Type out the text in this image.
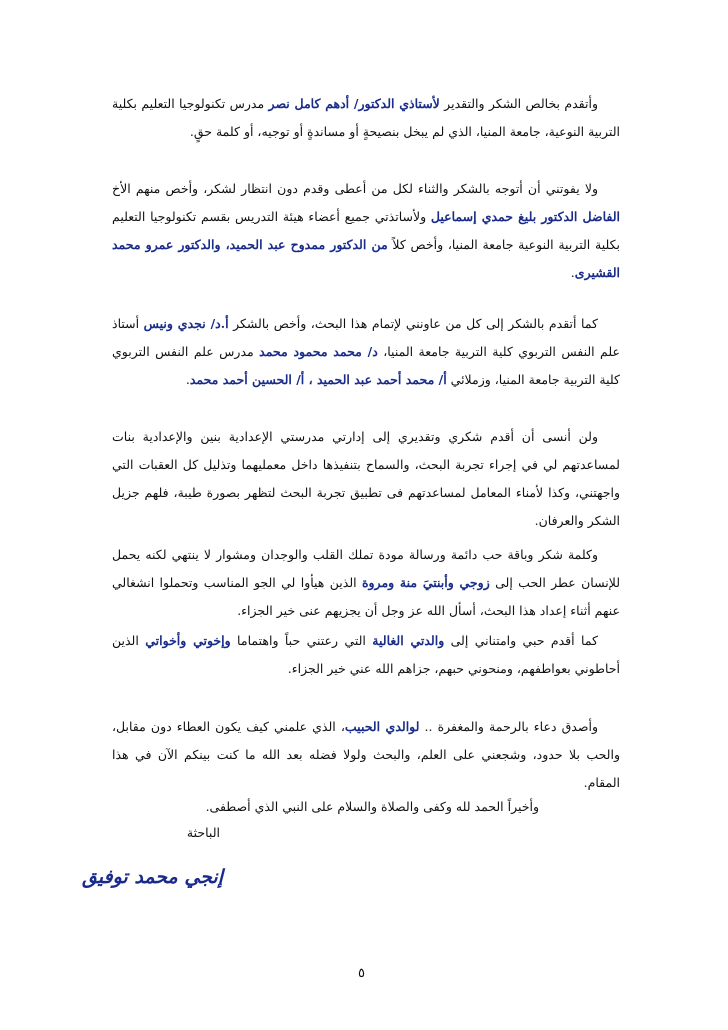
وأتقدم بخالص الشكر والتقدير لأستاذي الدكتور/ أدهم كامل نصر مدرس تكنولوجيا التعليم بكلية التربية النوعية، جامعة المنيا، الذي لم يبخل بنصيحةٍ أو مساندةٍ أو توجيه، أو كلمة حقٍ.
ولا يفوتني أن أتوجه بالشكر والثناء لكل من أعطى وقدم دون انتظار لشكر، وأخص منهم الأخ الفاضل الدكتور بليغ حمدي إسماعيل ولأساتذتي جميع أعضاء هيئة التدريس بقسم تكنولوجيا التعليم بكلية التربية النوعية جامعة المنيا، وأخص كلاً من الدكتور ممدوح عبد الحميد، والدكتور عمرو محمد القشيرى.
كما أتقدم بالشكر إلى كل من عاونني لإتمام هذا البحث، وأخص بالشكر أ.د/ نجدي ونيس أستاذ علم النفس التربوي كلية التربية جامعة المنيا، د/ محمد محمود محمد مدرس علم النفس التربوي كلية التربية جامعة المنيا، وزملائي أ/ محمد أحمد عبد الحميد ، أ/ الحسين أحمد محمد.
ولن أنسى أن أقدم شكري وتقديري إلى إدارتي مدرستي الإعدادية بنين والإعدادية بنات لمساعدتهم لي في إجراء تجربة البحث، والسماح بتنفيذها داخل معمليهما وتذليل كل العقبات التي واجهتني، وكذا لأمناء المعامل لمساعدتهم فى تطبيق تجربة البحث لتظهر بصورة طيبة، فلهم جزيل الشكر والعرفان.
وكلمة شكر وباقة حب دائمة ورسالة مودة تملك القلب والوجدان ومشوار لا ينتهي لكنه يحمل للإنسان عطر الحب إلى زوجي وأبنتيَ منة ومروة الذين هيأوا لي الجو المناسب وتحملوا انشغالي عنهم أثناء إعداد هذا البحث، أسأل الله عز وجل أن يجزيهم عنى خير الجزاء.
كما أقدم حبي وامتناني إلى والدتي الغالية التي رعتني حباً واهتماما وإخوتي وأخواتي الذين أحاطوني بعواطفهم، ومنحوني حبهم، جزاهم الله عني خير الجزاء.
وأصدق دعاء بالرحمة والمغفرة .. لوالدي الحبيب، الذي علمني كيف يكون العطاء دون مقابل، والحب بلا حدود، وشجعني على العلم، والبحث ولولا فضله بعد الله ما كنت بينكم الآن في هذا المقام.
وأخيراً الحمد لله وكفى والصلاة والسلام على النبي الذي أصطفى.
الباحثة
إنجي محمد توفيق
٥
